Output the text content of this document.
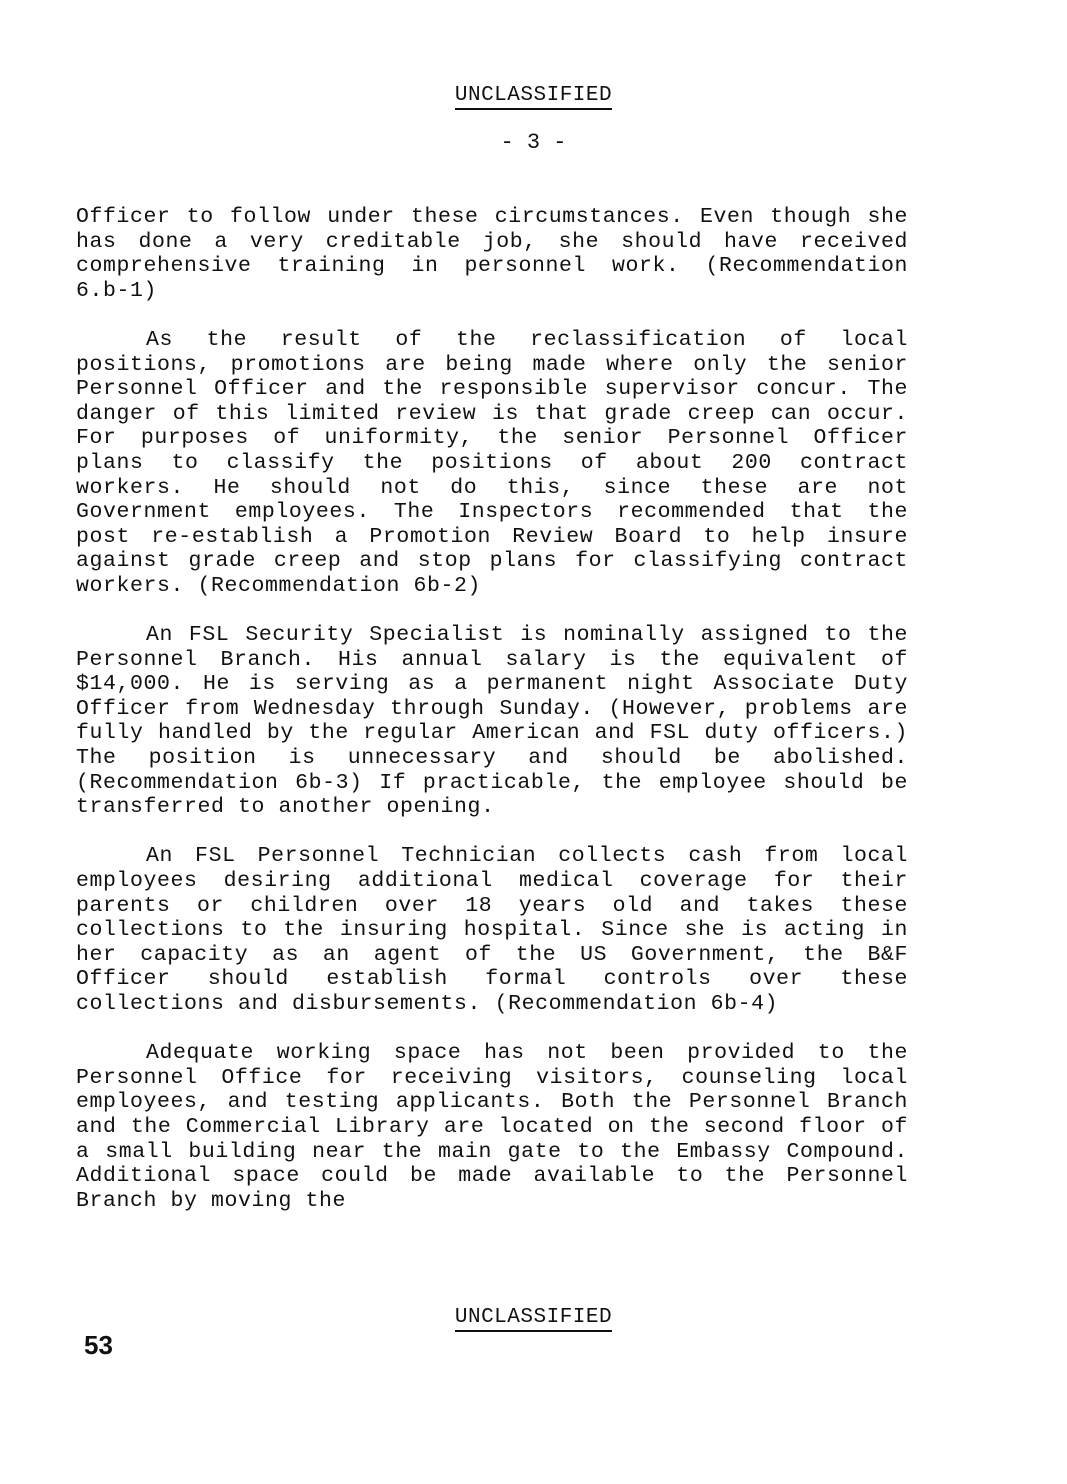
UNCLASSIFIED

- 3 -

Officer to follow under these circumstances. Even though she has done a very creditable job, she should have received comprehensive training in personnel work. (Recommendation 6.b-1)

As the result of the reclassification of local positions, promotions are being made where only the senior Personnel Officer and the responsible supervisor concur. The danger of this limited review is that grade creep can occur. For purposes of uniformity, the senior Personnel Officer plans to classify the positions of about 200 contract workers. He should not do this, since these are not Government employees. The Inspectors recommended that the post re-establish a Promotion Review Board to help insure against grade creep and stop plans for classifying contract workers. (Recommendation 6b-2)

An FSL Security Specialist is nominally assigned to the Personnel Branch. His annual salary is the equivalent of $14,000. He is serving as a permanent night Associate Duty Officer from Wednesday through Sunday. (However, problems are fully handled by the regular American and FSL duty officers.) The position is unnecessary and should be abolished. (Recommendation 6b-3) If practicable, the employee should be transferred to another opening.

An FSL Personnel Technician collects cash from local employees desiring additional medical coverage for their parents or children over 18 years old and takes these collections to the insuring hospital. Since she is acting in her capacity as an agent of the US Government, the B&F Officer should establish formal controls over these collections and disbursements. (Recommendation 6b-4)

Adequate working space has not been provided to the Personnel Office for receiving visitors, counseling local employees, and testing applicants. Both the Personnel Branch and the Commercial Library are located on the second floor of a small building near the main gate to the Embassy Compound. Additional space could be made available to the Personnel Branch by moving the

UNCLASSIFIED

53
